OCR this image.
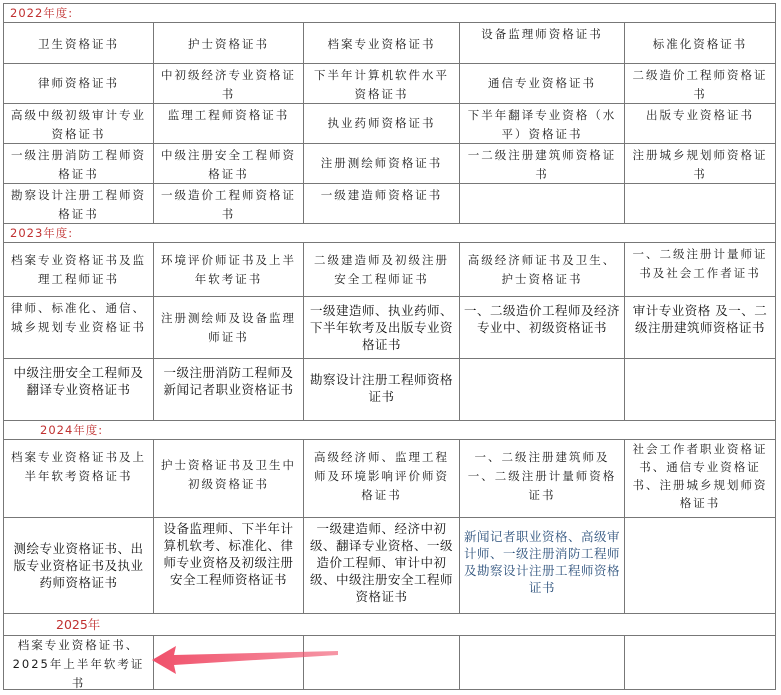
2022年度:
卫生资格证书	护士资格证书	档案专业资格证书
设备监理师资格证书
标准化资格证书
律师资格证书
中初级经济专业资格证书
下半年计算机软件水平资格证书
通信专业资格证书
二级造价工程师资格证书
高级中级初级审计专业资格证书
监理工程师资格证书
执业药师资格证书
下半年翻译专业资格（水平）资格证书
出版专业资格证书
一级注册消防工程师资格证书
中级注册安全工程师资格证书
注册测绘师资格证书
一二级注册建筑师资格证书
注册城乡规划师资格证书
勘察设计注册工程师资格证书
一级造价工程师资格证书
一级建造师资格证书
2023年度:
档案专业资格证书及监理工程师证书
环境评价师证书及上半年软考证书
二级建造师及初级注册安全工程师证书
高级经济师证书及卫生、护士资格证书
一、二级注册计量师证书及社会工作者证书
律师、标准化、通信、城乡规划专业资格证书
注册测绘师及设备监理师证书
一级建造师、执业药师、下半年软考及出版专业资格证书
一、二级造价工程师及经济专业中、初级资格证书
审计专业资格 及一、二级注册建筑师资格证书
中级注册安全工程师及翻译专业资格证书
一级注册消防工程师及新闻记者职业资格证书
勘察设计注册工程师资格证书
2024年度:
档案专业资格证书及上半年软考资格证书
护士资格证书及卫生中初级资格证书
高级经济师、监理工程师及环境影响评价师资格证书
一、二级注册建筑师及一、二级注册计量师资格证书
社会工作者职业资格证书、通信专业资格证书、注册城乡规划师资格证书
测绘专业资格证书、出版专业资格证书及执业药师资格证书
设备监理师、下半年计算机软考、标准化、律师专业资格及初级注册安全工程师资格证书
一级建造师、经济中初级、翻译专业资格、一级造价工程师、审计中初级、中级注册安全工程师资格证书
新闻记者职业资格、高级审计师、一级注册消防工程师及勘察设计注册工程师资格证书
2025年
档案专业资格证书、2025年上半年软考证书
